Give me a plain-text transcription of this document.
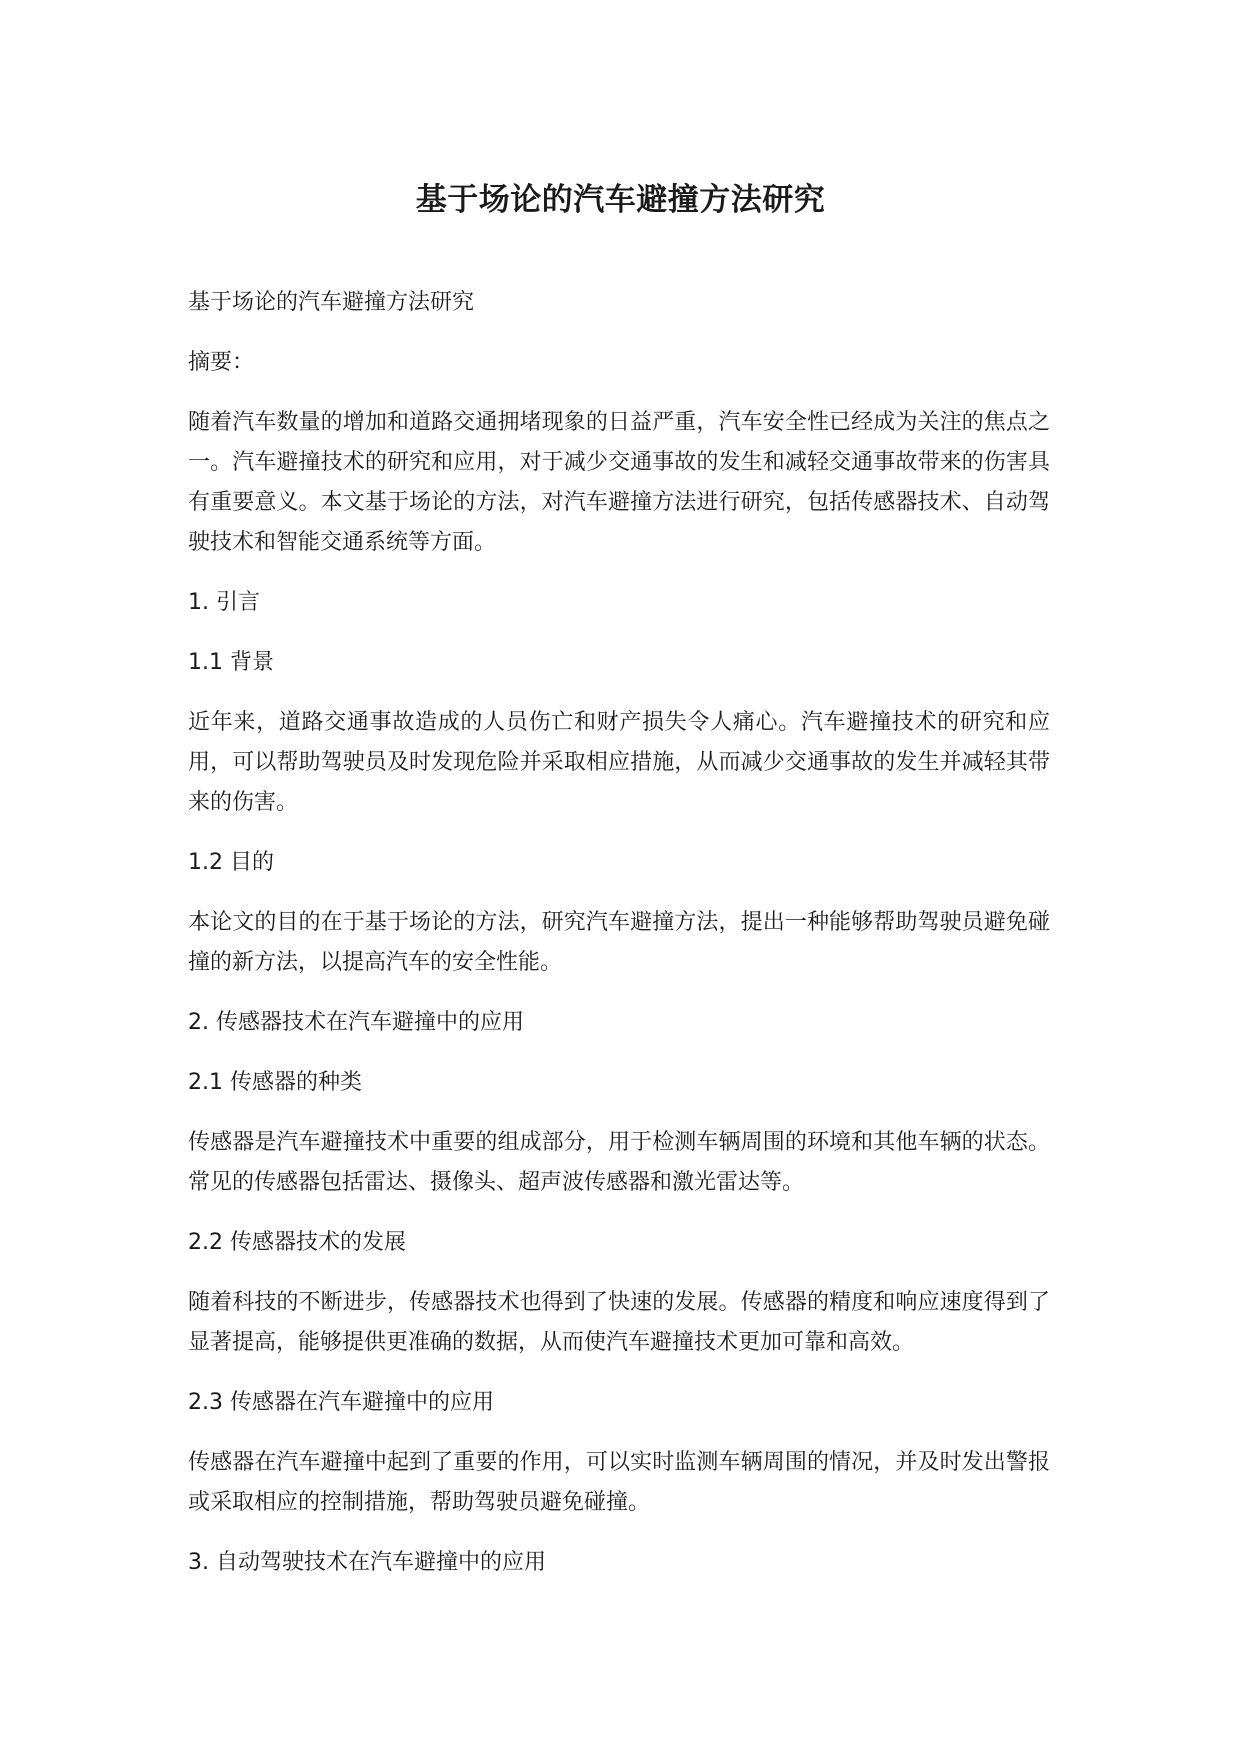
基于场论的汽车避撞方法研究

基于场论的汽车避撞方法研究

摘要：

随着汽车数量的增加和道路交通拥堵现象的日益严重，汽车安全性已经成为关注的焦点之一。汽车避撞技术的研究和应用，对于减少交通事故的发生和减轻交通事故带来的伤害具有重要意义。本文基于场论的方法，对汽车避撞方法进行研究，包括传感器技术、自动驾驶技术和智能交通系统等方面。

1. 引言

1.1 背景

近年来，道路交通事故造成的人员伤亡和财产损失令人痛心。汽车避撞技术的研究和应用，可以帮助驾驶员及时发现危险并采取相应措施，从而减少交通事故的发生并减轻其带来的伤害。

1.2 目的

本论文的目的在于基于场论的方法，研究汽车避撞方法，提出一种能够帮助驾驶员避免碰撞的新方法，以提高汽车的安全性能。

2. 传感器技术在汽车避撞中的应用

2.1 传感器的种类

传感器是汽车避撞技术中重要的组成部分，用于检测车辆周围的环境和其他车辆的状态。常见的传感器包括雷达、摄像头、超声波传感器和激光雷达等。

2.2 传感器技术的发展

随着科技的不断进步，传感器技术也得到了快速的发展。传感器的精度和响应速度得到了显著提高，能够提供更准确的数据，从而使汽车避撞技术更加可靠和高效。

2.3 传感器在汽车避撞中的应用

传感器在汽车避撞中起到了重要的作用，可以实时监测车辆周围的情况，并及时发出警报或采取相应的控制措施，帮助驾驶员避免碰撞。

3. 自动驾驶技术在汽车避撞中的应用
